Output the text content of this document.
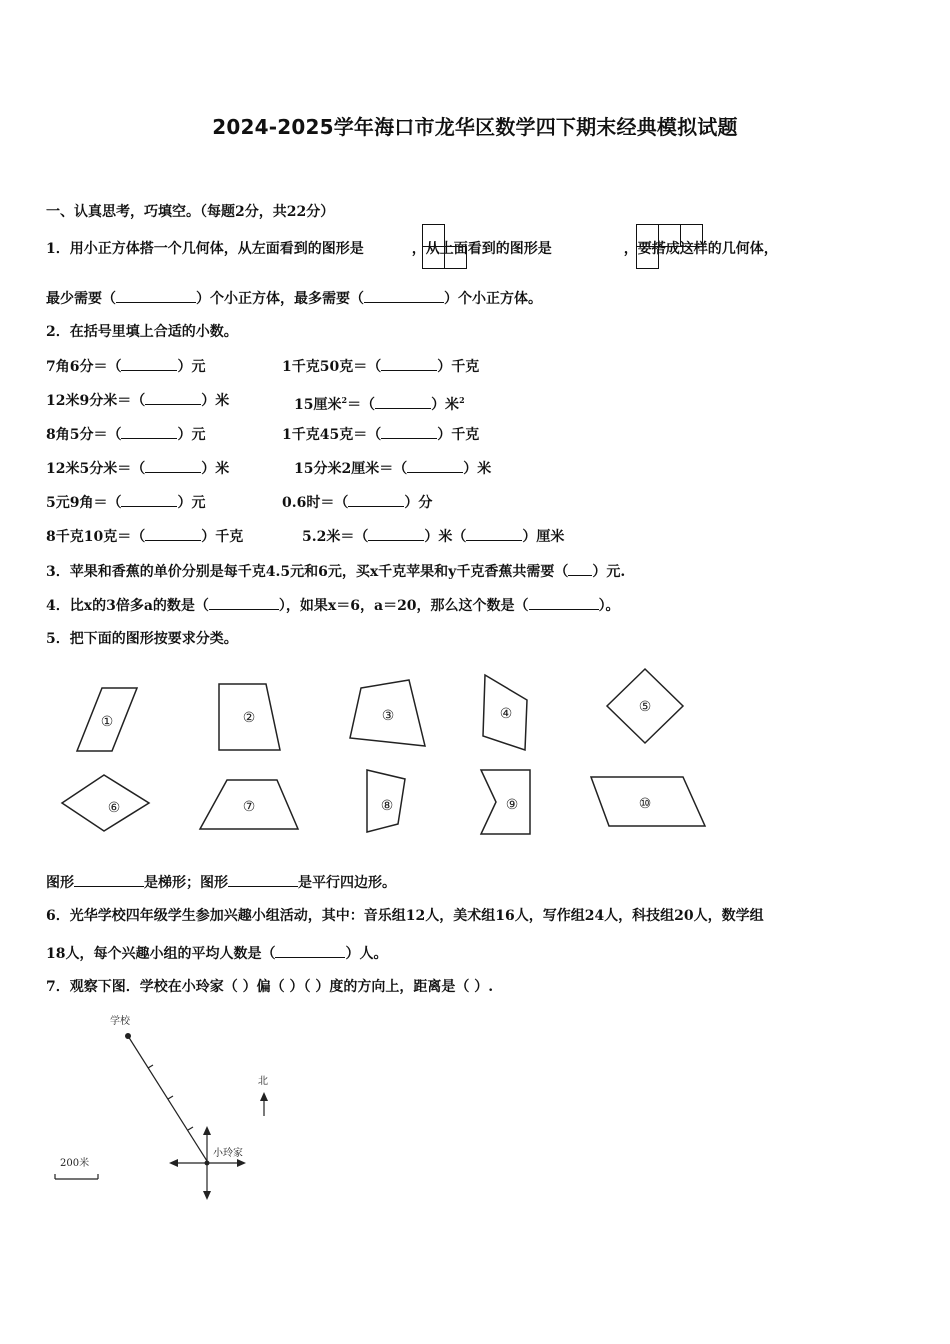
2024-2025学年海口市龙华区数学四下期末经典模拟试题
一、认真思考，巧填空。（每题2分，共22分）
1．用小正方体搭一个几何体，从左面看到的图形是	，从上面看到的图形是	，要搭成这样的几何体，
最少需要（	）个小正方体，最多需要（	）个小正方体。
2．在括号里填上合适的小数。
7角6分＝（	）元	1千克50克＝（	）千克
12米9分米＝（	）米	15厘米$^2$＝（	）米$^2$
8角5分＝（	）元	1千克45克＝（	）千克
12米5分米＝（	）米	15分米2厘米＝（	）米
5元9角＝（	）元	0.6时＝（	）分
8千克10克＝（	）千克	5.2米＝（	）米（	）厘米
3．苹果和香蕉的单价分别是每千克4.5元和6元，买x千克苹果和y千克香蕉共需要（ ）元.
4．比x的3倍多a的数是（	），如果x＝6，a＝20，那么这个数是（	）。
5．把下面的图形按要求分类。
①	②	③	④	⑤
⑥	⑦	⑧	⑨	⑩
图形	是梯形；图形	是平行四边形。
6．光华学校四年级学生参加兴趣小组活动，其中：音乐组12人，美术组16人，写作组24人，科技组20人，数学组
18人，每个兴趣小组的平均人数是（	）人。
7．观察下图．学校在小玲家（ ）偏（ ）（ ）度的方向上，距离是（ ）.
学校
小玲家
北
200米
